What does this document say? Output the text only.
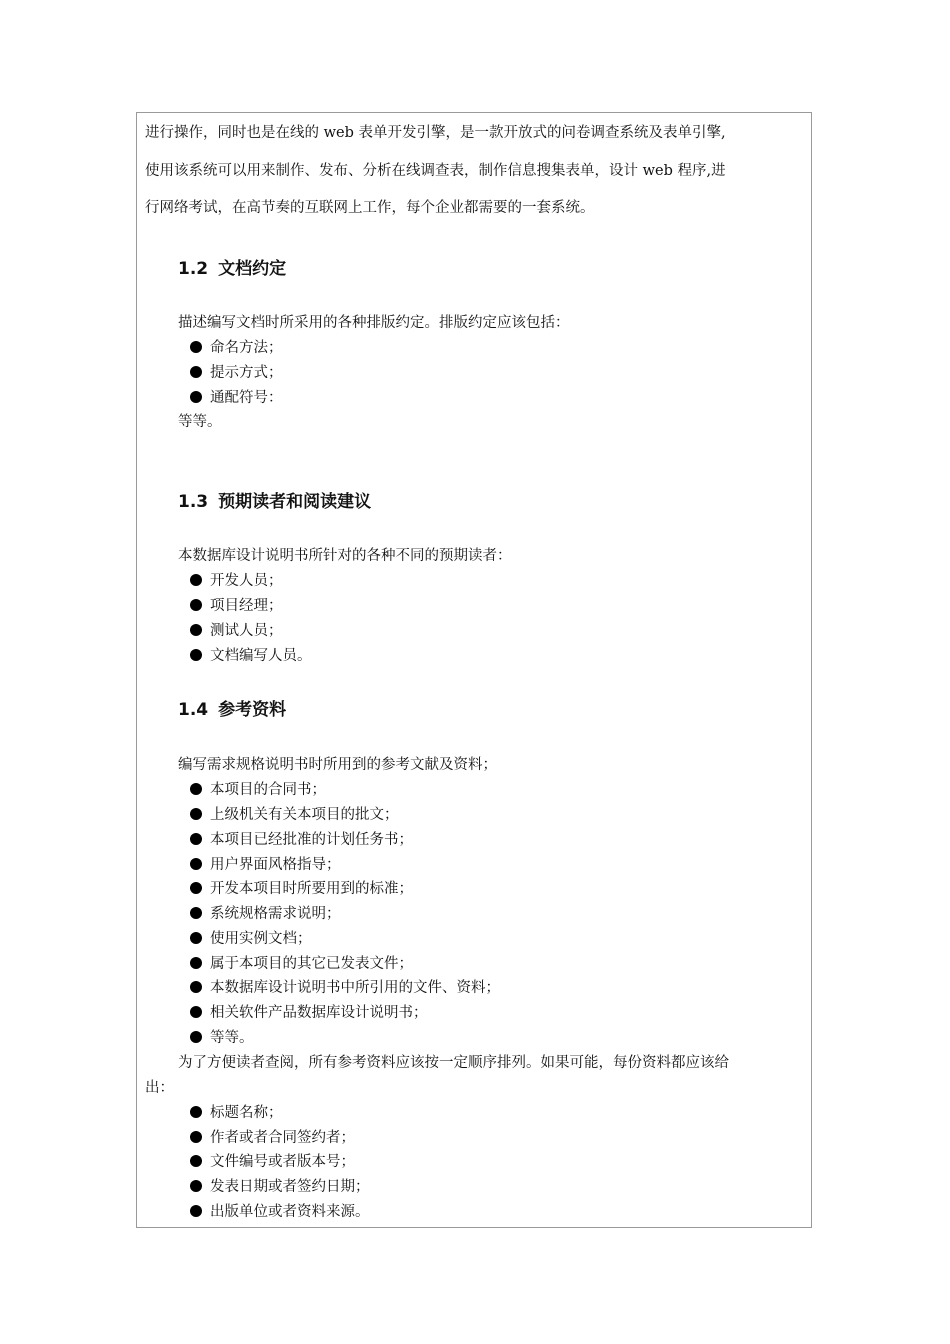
进行操作，同时也是在线的 web 表单开发引擎，是一款开放式的问卷调查系统及表单引擎,
使用该系统可以用来制作、发布、分析在线调查表，制作信息搜集表单，设计 web 程序,进
行网络考试，在高节奏的互联网上工作，每个企业都需要的一套系统。
1.2 文档约定
描述编写文档时所采用的各种排版约定。排版约定应该包括：
命名方法；
提示方式；
通配符号：
等等。
1.3 预期读者和阅读建议
本数据库设计说明书所针对的各种不同的预期读者：
开发人员；
项目经理；
测试人员；
文档编写人员。
1.4 参考资料
编写需求规格说明书时所用到的参考文献及资料；
本项目的合同书；
上级机关有关本项目的批文；
本项目已经批准的计划任务书；
用户界面风格指导；
开发本项目时所要用到的标准；
系统规格需求说明；
使用实例文档；
属于本项目的其它已发表文件；
本数据库设计说明书中所引用的文件、资料；
相关软件产品数据库设计说明书；
等等。
为了方便读者查阅，所有参考资料应该按一定顺序排列。如果可能，每份资料都应该给
出：
标题名称；
作者或者合同签约者；
文件编号或者版本号；
发表日期或者签约日期；
出版单位或者资料来源。
